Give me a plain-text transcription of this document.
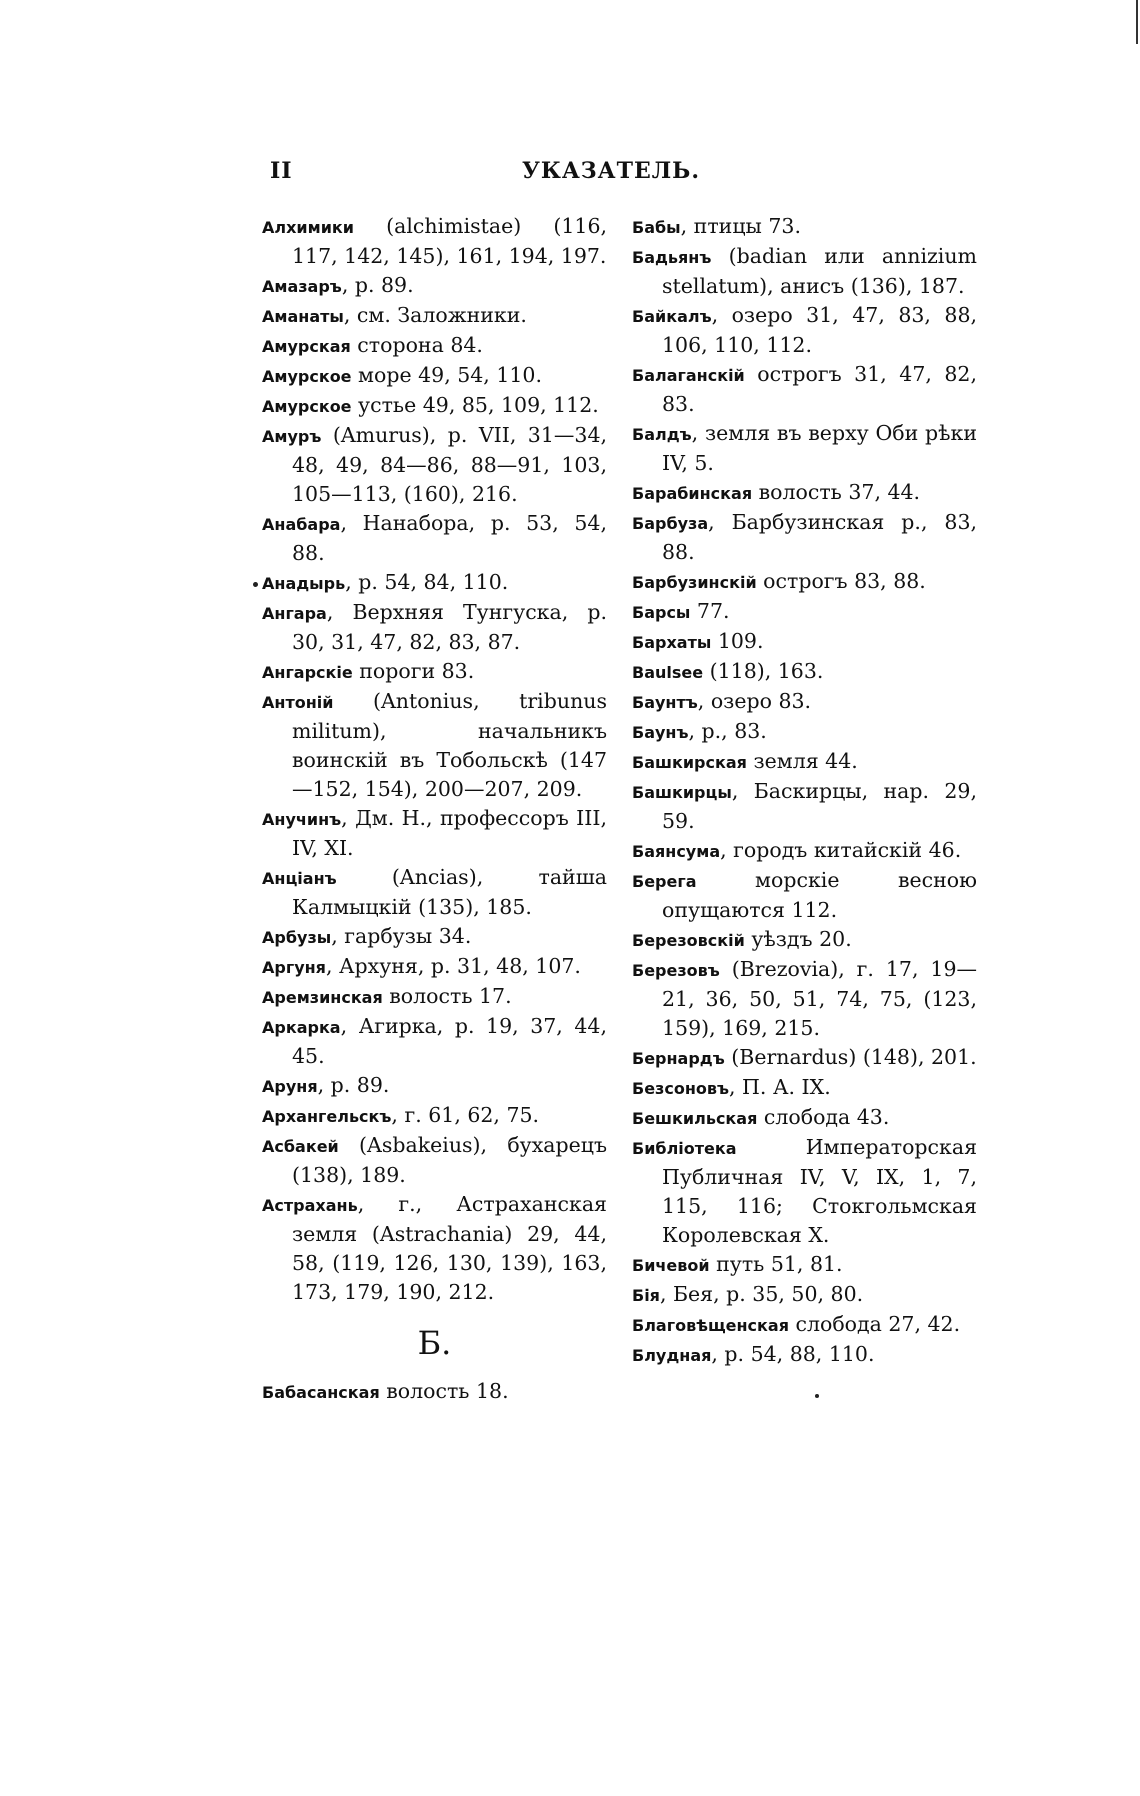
II	УКАЗАТЕЛЬ.

Алхимики (alchimistae) (116, 117, 142, 145), 161, 194, 197.

Амазаръ, р. 89.

Аманаты, см. Заложники.

Амурская сторона 84.

Амурское море 49, 54, 110.

Амурское устье 49, 85, 109, 112.

Амуръ (Amurus), р. VII, 31—34, 48, 49, 84—86, 88—91, 103, 105—113, (160), 216.

Анабара, Нанабора, р. 53, 54, 88.

Анадырь, р. 54, 84, 110.

Ангара, Верхняя Тунгуска, р. 30, 31, 47, 82, 83, 87.

Ангарскіе пороги 83.

Антоній (Antonius, tribunus militum), начальникъ воинскій въ Тобольскѣ (147—152, 154), 200—207, 209.

Анучинъ, Дм. Н., профессоръ III, IV, XI.

Анціанъ (Ancias), тайша Калмыцкій (135), 185.

Арбузы, гарбузы 34.

Аргуня, Архуня, р. 31, 48, 107.

Аремзинская волость 17.

Аркарка, Агирка, р. 19, 37, 44, 45.

Аруня, р. 89.

Архангельскъ, г. 61, 62, 75.

Асбакей (Asbakeius), бухарецъ (138), 189.

Астрахань, г., Астраханская земля (Astrachania) 29, 44, 58, (119, 126, 130, 139), 163, 173, 179, 190, 212.

Б.

Бабасанская волость 18.

Бабы, птицы 73.

Бадьянъ (badian или annizium stellatum), анисъ (136), 187.

Байкалъ, озеро 31, 47, 83, 88, 106, 110, 112.

Балаганскій острогъ 31, 47, 82, 83.

Балдъ, земля въ верху Оби рѣки IV, 5.

Барабинская волость 37, 44.

Барбуза, Барбузинская р., 83, 88.

Барбузинскій острогъ 83, 88.

Барсы 77.

Бархаты 109.

Baulsee (118), 163.

Баунтъ, озеро 83.

Баунъ, р., 83.

Башкирская земля 44.

Башкирцы, Баскирцы, нар. 29, 59.

Баянсума, городъ китайскій 46.

Берега морскіе весною опущаются 112.

Березовскій уѣздъ 20.

Березовъ (Brezovia), г. 17, 19—21, 36, 50, 51, 74, 75, (123, 159), 169, 215.

Бернардъ (Bernardus) (148), 201.

Безсоновъ, П. А. IX.

Бешкильская слобода 43.

Библіотека Императорская Публичная IV, V, IX, 1, 7, 115, 116; Стокгольмская Королевская X.

Бичевой путь 51, 81.

Бія, Бея, р. 35, 50, 80.

Благовѣщенская слобода 27, 42.

Блудная, р. 54, 88, 110.
